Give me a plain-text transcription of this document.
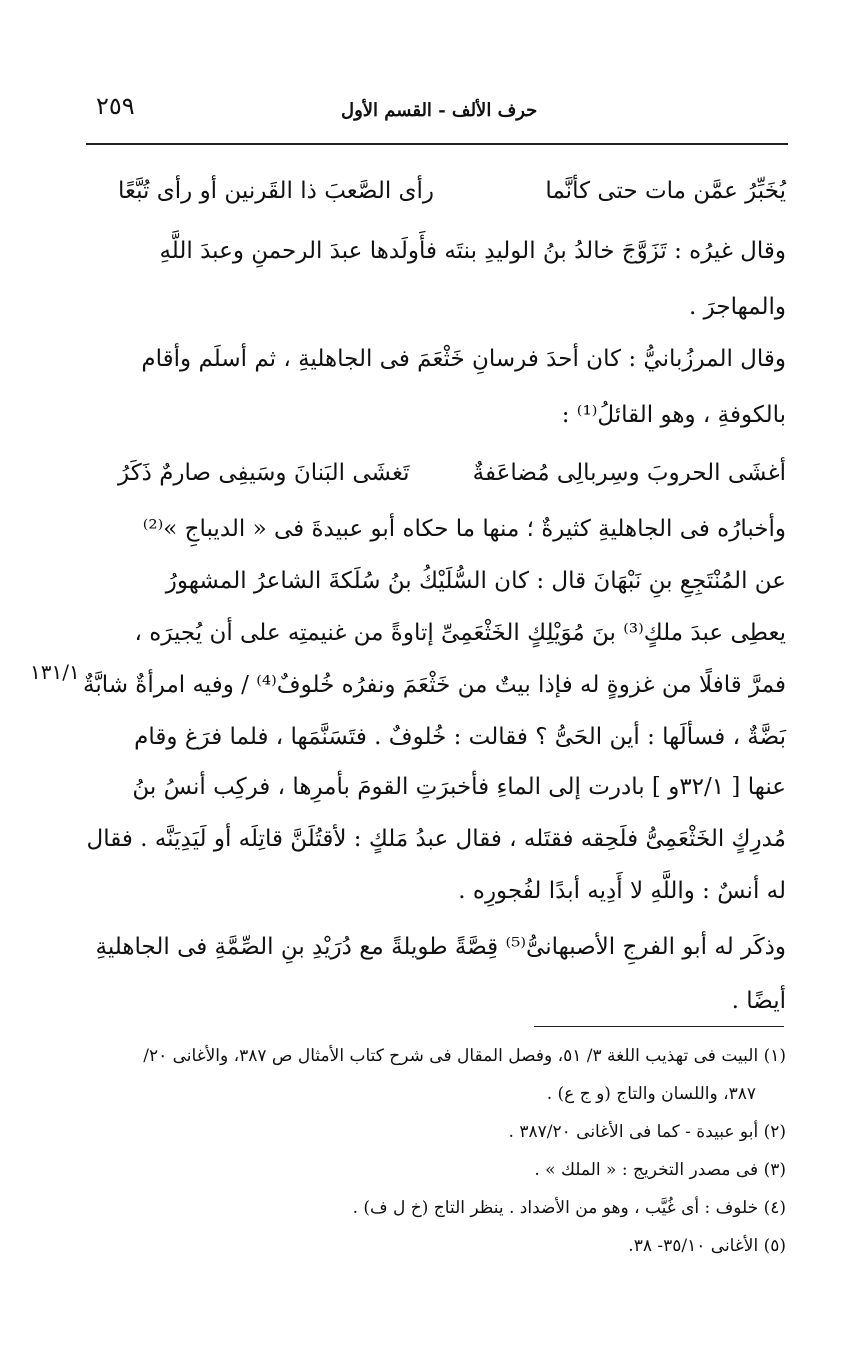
٢٥٩	حرف الألف - القسم الأول
يُخَبِّرُ عمَّن مات حتى كأنَّما
رأى الصَّعبَ ذا القَرنين أو رأى تُبَّعًا
وقال غيرُه : تَزَوَّجَ خالدُ بنُ الوليدِ بنتَه فأَولَدها عبدَ الرحمنِ وعبدَ اللَّهِ
والمهاجرَ .
وقال المرزُبانيُّ : كان أحدَ فرسانِ خَثْعَمَ فى الجاهليةِ ، ثم أسلَم وأقام
بالكوفةِ ، وهو القائلُ⁽¹⁾ :
أغشَى الحروبَ وسِربالِى مُضاعَفةٌ
تَغشَى البَنانَ وسَيفِى صارمٌ ذَكَرُ
وأخبارُه فى الجاهليةِ كثيرةٌ ؛ منها ما حكاه أبو عبيدةَ فى « الديباجِ »⁽²⁾
عن المُنْتَجِعِ بنِ نَبْهَانَ قال : كان السُّلَيْكُ بنُ سُلَكةَ الشاعرُ المشهورُ
يعطِى عبدَ ملكٍ⁽³⁾ بنَ مُوَيْلِكٍ الخَثْعَمِىِّ إتاوةً من غنيمتِه على أن يُجيرَه ،
فمرَّ قافلًا من غزوةٍ له فإذا بيتٌ من خَثْعَمَ ونفرُه خُلوفٌ⁽⁴⁾ / وفيه امرأةٌ شابَّةٌ
بَضَّةٌ ، فسألَها : أين الحَىُّ ؟ فقالت : خُلوفٌ . فتَسَنَّمَها ، فلما فرَغ وقام
عنها [ ٣٢/١و ] بادرت إلى الماءِ فأخبرَتِ القومَ بأمرِها ، فركِب أنسُ بنُ
مُدرِكٍ الخَثْعَمِىُّ فلَحِقه فقتَله ، فقال عبدُ مَلكٍ : لأقتُلَنَّ قاتِلَه أو لَيَدِيَنَّه . فقال
له أنسٌ : واللَّهِ لا أَدِيه أبدًا لفُجورِه .
وذكَر له أبو الفرجِ الأصبهانىُّ⁽⁵⁾ قِصَّةً طويلةً مع دُرَيْدِ بنِ الصِّمَّةِ فى الجاهليةِ
أيضًا .
١٣١/١
(١) البيت فى تهذيب اللغة ٣/ ٥١، وفصل المقال فى شرح كتاب الأمثال ص ٣٨٧، والأغانى ٢٠/
٣٨٧، واللسان والتاج (و ج ع) .
(٢) أبو عبيدة - كما فى الأغانى ٣٨٧/٢٠ .
(٣) فى مصدر التخريج : « الملك » .
(٤) خلوف : أى غُيَّب ، وهو من الأضداد . ينظر التاج (خ ل ف) .
(٥) الأغانى ٣٥/١٠- ٣٨.
